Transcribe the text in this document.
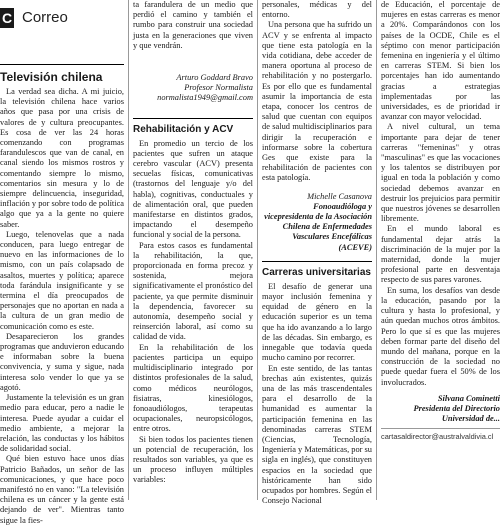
C Correo
Televisión chilena

La verdad sea dicha. A mi juicio, la televisión chilena hace varios años que pasa por una crisis de valores de y cultura preocupantes. Es cosa de ver las 24 horas comenzando con programas farandulescos que van de canal, en canal siendo los mismos rostros y comentando siempre lo mismo, comentarios sin mesura y lo de siempre delincuencia, inseguridad, inflación y por sobre todo de política algo que ya a la gente no quiere saber.

Luego, telenovelas que a nada conducen, para luego entregar de nuevo en las informaciones de lo mismo, con un país colapsado de asaltos, muertes y política; aparece toda farándula insignificante y se termina el día preocupados de personajes que no aportan en nada a la cultura de un gran medio de comunicación como es este.

Desaparecieron los grandes programas que anduvieron educando e informaban sobre la buena convivencia, y suma y sigue, nada interesa solo vender lo que ya se agotó.

Justamente la televisión es un gran medio para educar, pero a nadie le interesa. Puede ayudar a cuidar el medio ambiente, a mejorar la relación, las conductas y los hábitos de solidaridad social.

Qué bien estuvo hace unos días Patricio Bañados, un señor de las comunicaciones, y que hace poco manifestó no en vano: "La televisión chilena es un cáncer y la gente está dejando de ver". Mientras tanto sigue la fies-

ta farandulera de un medio que perdió el camino y también el rumbo para construir una sociedad justa en la generaciones que viven y que vendrán.

Arturo Goddard Bravo
Profesor Normalista
normalista1949@gmail.com
Rehabilitación y ACV

En promedio un tercio de los pacientes que sufren un ataque cerebro vascular (ACV) presenta secuelas físicas, comunicativas (trastornos del lenguaje y/o del habla), cognitivas, conductuales y de alimentación oral, que pueden manifestarse en distintos grados, impactando el desempeño funcional y social de la persona.

Para estos casos es fundamental la rehabilitación, la que, proporcionada en forma precoz y sostenida, mejora significativamente el pronóstico del paciente, ya que permite disminuir la dependencia, favorecer su autonomía, desempeño social y reinserción laboral, así como su calidad de vida.

En la rehabilitación de los pacientes participa un equipo multidisciplinario integrado por distintos profesionales de la salud, como médicos neurólogos, fisiatras, kinesiólogos, fonoaudiólogos, terapeutas ocupacionales, neuropsicólogos, entre otros.

Si bien todos los pacientes tienen un potencial de recuperación, los resultados son variables, ya que es un proceso influyen múltiples variables:

personales, médicas y del entorno.

Una persona que ha sufrido un ACV y se enfrenta al impacto que tiene esta patología en la vida cotidiana, debe acceder de manera oportuna al proceso de rehabilitación y no postergarlo. Es por ello que es fundamental asumir la importancia de esta etapa, conocer los centros de salud que cuentan con equipos de salud multidisciplinarios para dirigir la recuperación e informarse sobre la cobertura Ges que existe para la rehabilitación de pacientes con esta patología.

Michelle Casanova
Fonoaudióloga y vicepresidenta de la Asociación Chilena de Enfermedades Vasculares Encefálicas (ACEVE)
Carreras universitarias

El desafío de generar una mayor inclusión femenina y equidad de género en la educación superior es un tema que ha ido avanzando a lo largo de las décadas. Sin embargo, es innegable que todavía queda mucho camino por recorrer.

En este sentido, de las tantas brechas aún existentes, quizás una de las más trascendentales para el desarrollo de la humanidad es aumentar la participación femenina en las denominadas carreras STEM (Ciencias, Tecnología, Ingeniería y Matemáticas, por su sigla en inglés), que constituyen espacios en la sociedad que históricamente han sido ocupados por hombres. Según el Consejo Nacional

de Educación, el porcentaje de mujeres en estas carreras es menor a 20%. Comparándonos con los países de la OCDE, Chile es el séptimo con menor participación femenina en ingeniería y el último en carreras STEM. Si bien los porcentajes han ido aumentando gracias a estrategias implementadas por las universidades, es de prioridad ir avanzar con mayor velocidad.

A nivel cultural, un tema importante para dejar de tener carreras "femeninas" y otras "masculinas" es que las vocaciones y los talentos se distribuyen por igual en toda la población y como sociedad debemos avanzar en destruir los prejuicios para permitir que nuestros jóvenes se desarrollen libremente.

En el mundo laboral es fundamental dejar atrás la discriminación de la mujer por la maternidad, donde la mujer profesional parte en desventaja respecto de sus pares varones.

En suma, los desafíos van desde la educación, pasando por la cultura y hasta lo profesional, y aún quedan muchos otros ámbitos. Pero lo que sí es que las mujeres deben formar parte del diseño del mundo del mañana, porque en la construcción de la sociedad no puede quedar fuera el 50% de los involucrados.

Silvana Cominetti
Presidenta del Directorio
Universidad de...
cartasaldirector@australvaldivia.cl
